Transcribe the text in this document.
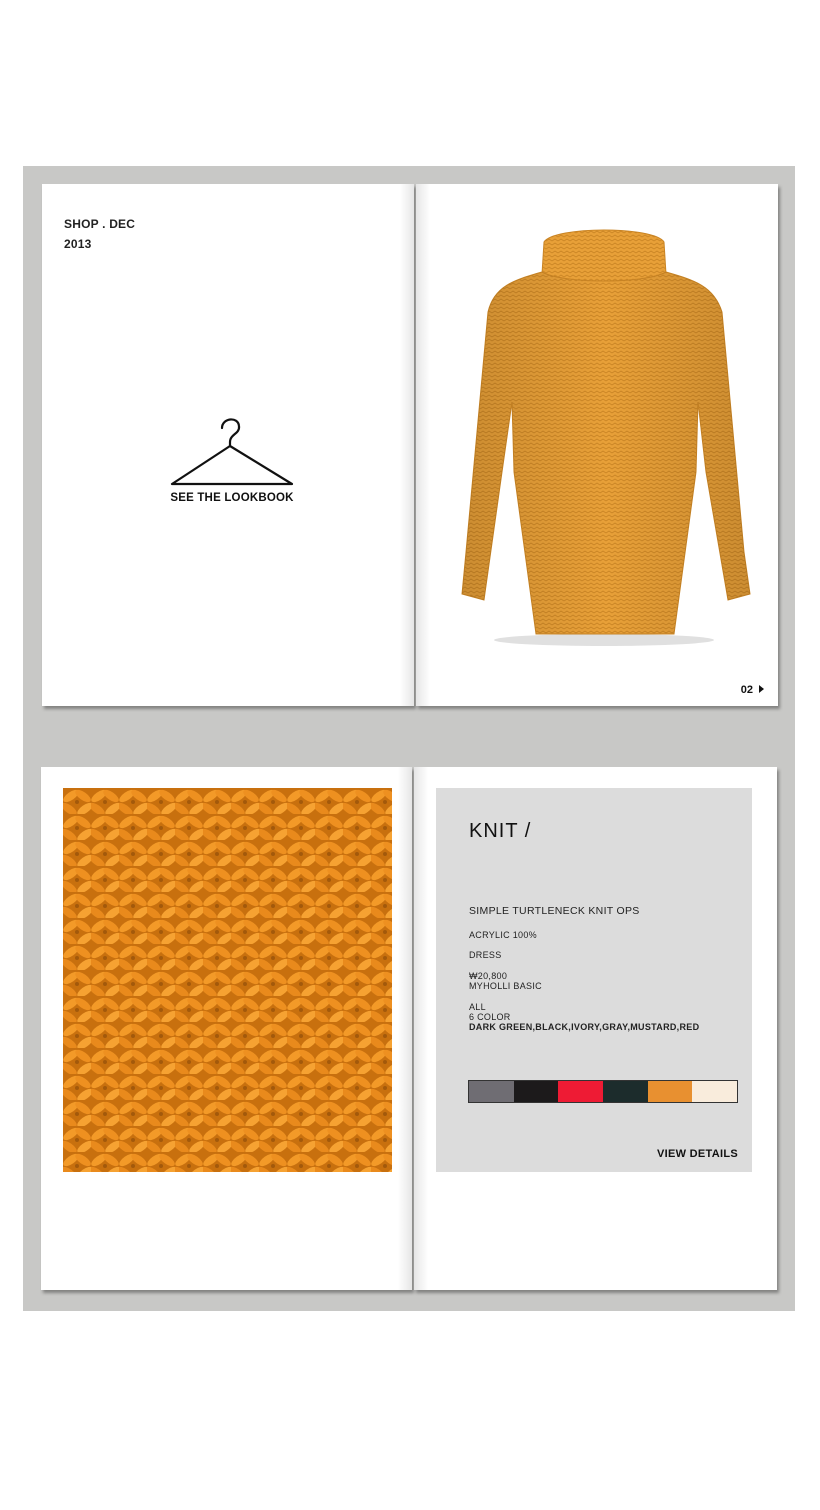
SHOP . DEC
2013
SEE THE LOOKBOOK
02
KNIT /
SIMPLE TURTLENECK KNIT OPS
ACRYLIC 100%
DRESS
₩20,800
MYHOLLI BASIC
ALL
6 COLOR
DARK GREEN,BLACK,IVORY,GRAY,MUSTARD,RED
VIEW DETAILS
